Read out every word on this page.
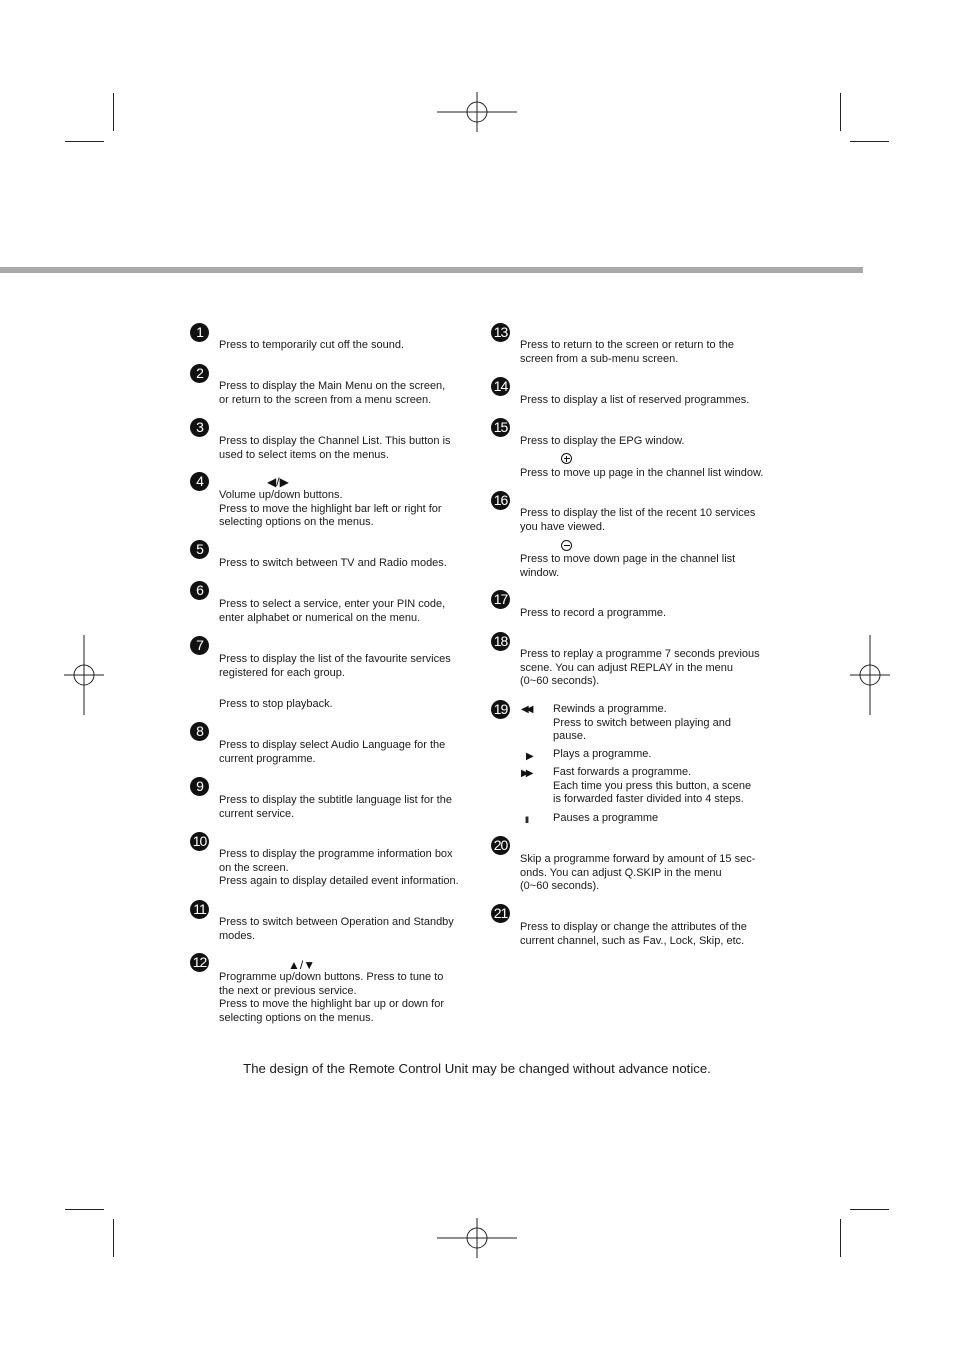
1
Press to temporarily cut off the sound.
2
Press to display the Main Menu on the screen,
or return to the screen from a menu screen.
3
Press to display the Channel List. This button is
used to select items on the menus.
4	◀/▶
Volume up/down buttons.
Press to move the highlight bar left or right for
selecting options on the menus.
5
Press to switch between TV and Radio modes.
6
Press to select a service, enter your PIN code,
enter alphabet or numerical on the menu.
7
Press to display the list of the favourite services
registered for each group.
Press to stop playback.
8
Press to display select Audio Language for the
current programme.
9
Press to display the subtitle language list for the
current service.
10
Press to display the programme information box
on the screen.
Press again to display detailed event information.
11
Press to switch between Operation and Standby
modes.
12	▲/▼
Programme up/down buttons. Press to tune to
the next or previous service.
Press to move the highlight bar up or down for
selecting options on the menus.
13
Press to return to the screen or return to the
screen from a sub-menu screen.
14
Press to display a list of reserved programmes.
15
Press to display the EPG window.
Press to move up page in the channel list window.
16
Press to display the list of the recent 10 services
you have viewed.
Press to move down page in the channel list
window.
17
Press to record a programme.
18
Press to replay a programme 7 seconds previous
scene. You can adjust REPLAY in the menu
(0~60 seconds).
19 ◀◀ Rewinds a programme.
Press to switch between playing and
pause.
▶ Plays a programme.
▶▶ Fast forwards a programme.
Each time you press this button, a scene
is forwarded faster divided into 4 steps.
II Pauses a programme
20
Skip a programme forward by amount of 15 sec-
onds. You can adjust Q.SKIP in the menu
(0~60 seconds).
21
Press to display or change the attributes of the
current channel, such as Fav., Lock, Skip, etc.
The design of the Remote Control Unit may be changed without advance notice.
